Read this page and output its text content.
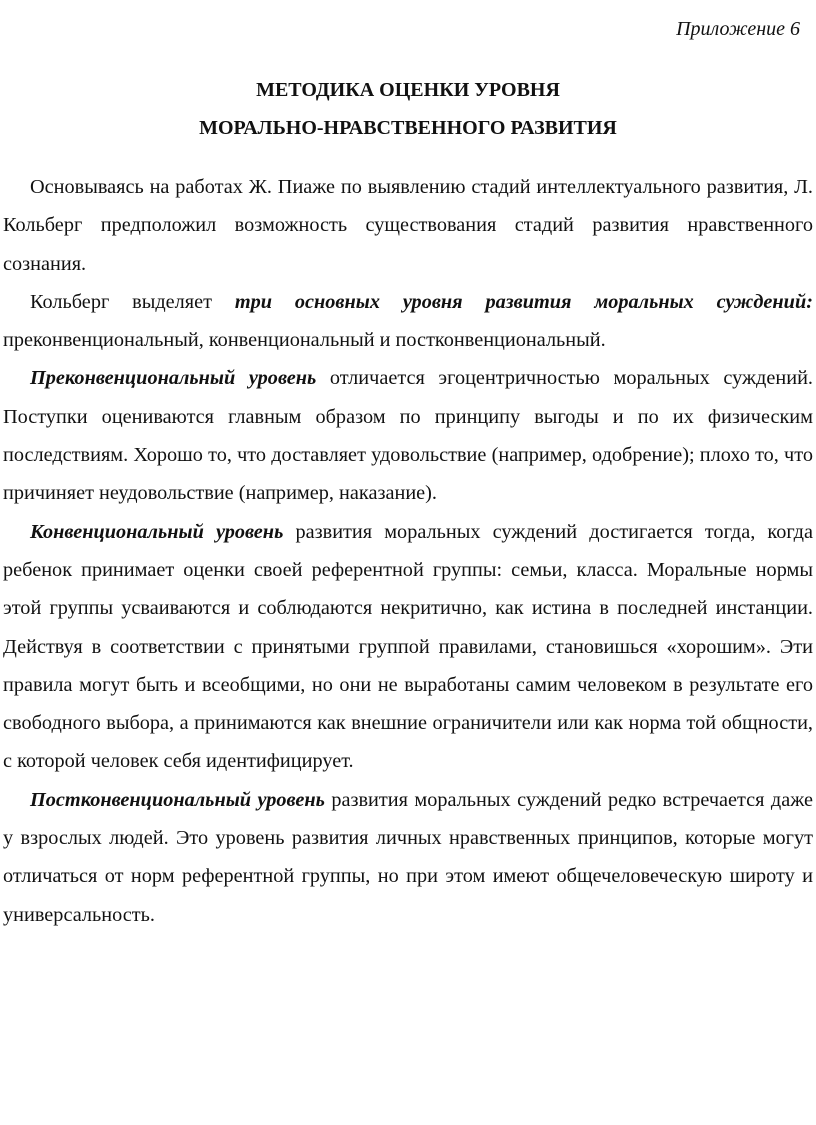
Приложение 6
МЕТОДИКА ОЦЕНКИ УРОВНЯ
МОРАЛЬНО-НРАВСТВЕННОГО РАЗВИТИЯ

Основываясь на работах Ж. Пиаже по выявлению стадий интеллектуального развития, Л. Кольберг предположил возможность существования стадий развития нравственного сознания.

Кольберг выделяет три основных уровня развития моральных суждений: преконвенциональный, конвенциональный и постконвенциональный.

Преконвенциональный уровень отличается эгоцентричностью моральных суждений. Поступки оцениваются главным образом по принципу выгоды и по их физическим последствиям. Хорошо то, что доставляет удовольствие (например, одобрение); плохо то, что причиняет неудовольствие (например, наказание).

Конвенциональный уровень развития моральных суждений достигается тогда, когда ребенок принимает оценки своей референтной группы: семьи, класса. Моральные нормы этой группы усваиваются и соблюдаются некритично, как истина в последней инстанции. Действуя в соответствии с принятыми группой правилами, становишься «хорошим». Эти правила могут быть и всеобщими, но они не выработаны самим человеком в результате его свободного выбора, а принимаются как внешние ограничители или как норма той общности, с которой человек себя идентифицирует.

Постконвенциональный уровень развития моральных суждений редко встречается даже у взрослых людей. Это уровень развития личных нравственных принципов, которые могут отличаться от норм референтной группы, но при этом имеют общечеловеческую широту и универсальность.
